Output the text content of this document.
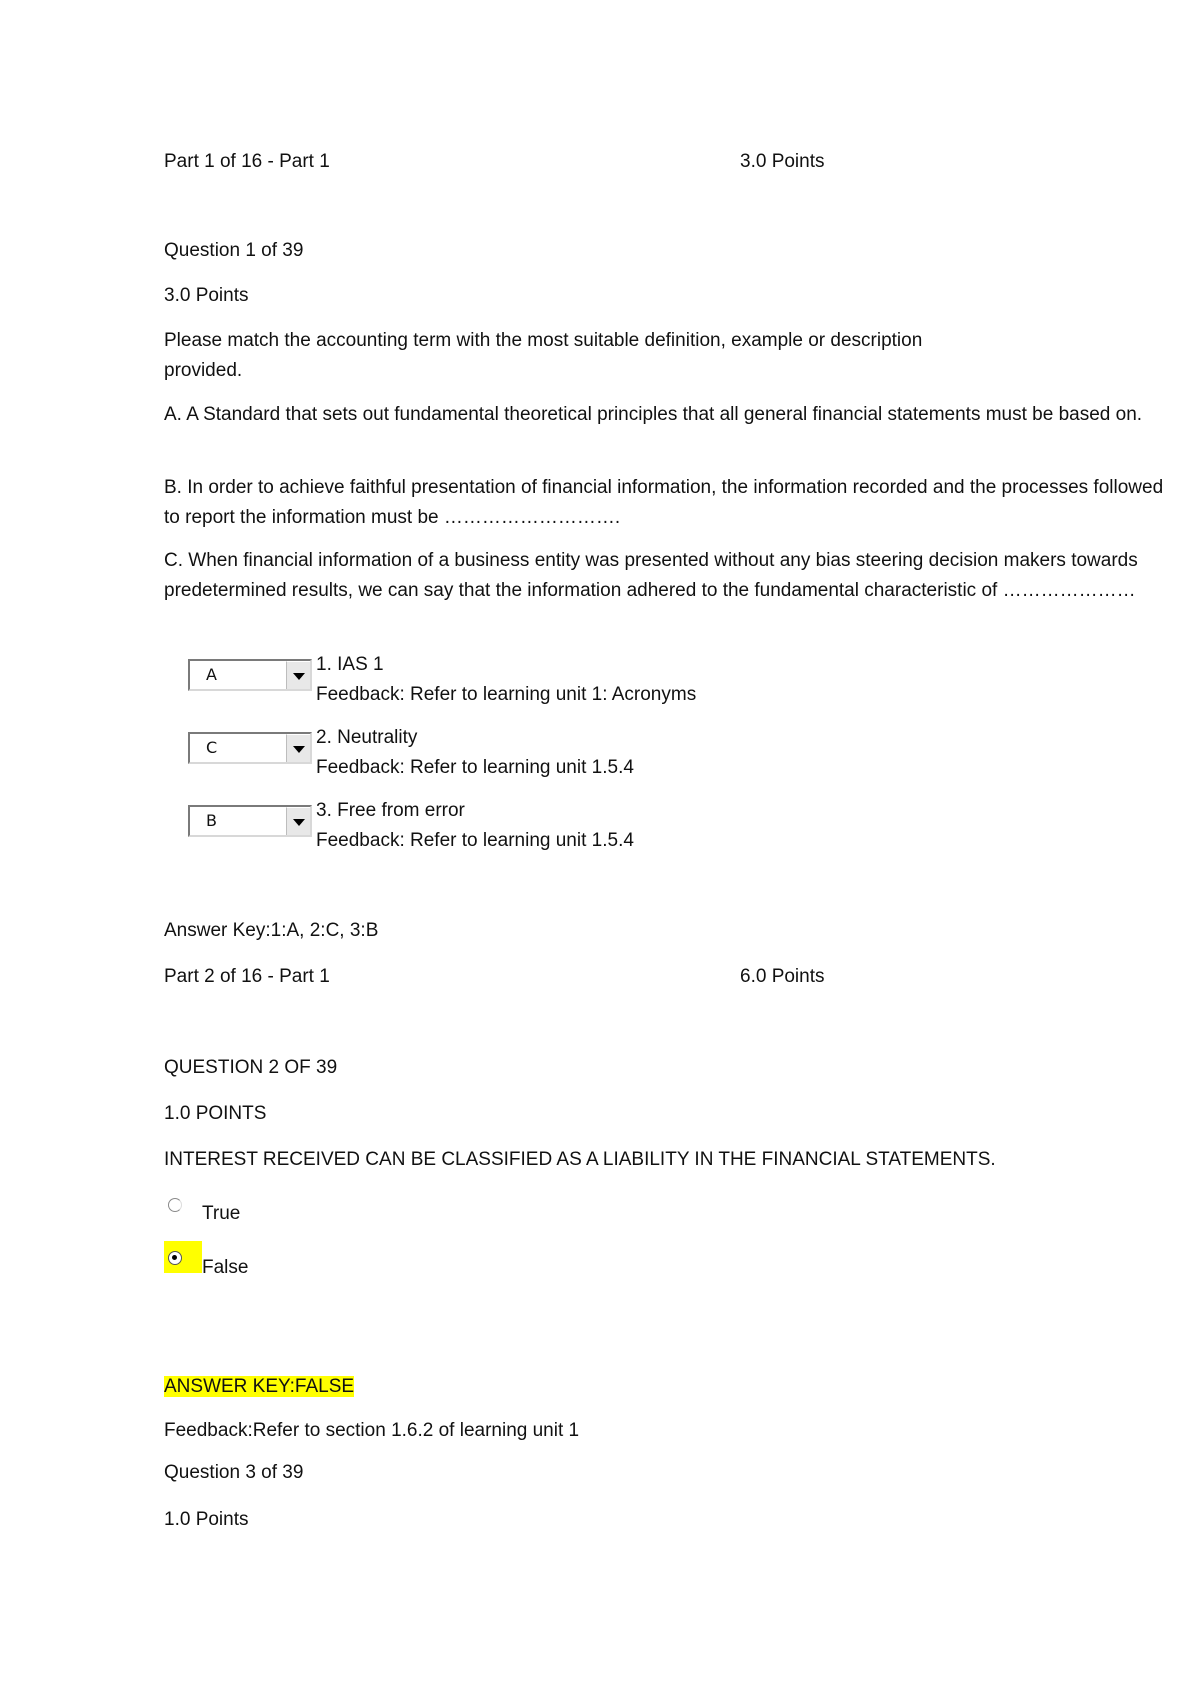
Part 1 of 16 - Part 1	3.0 Points
Question 1 of 39
3.0 Points
Please match the accounting term with the most suitable definition, example or description provided.
A. A Standard that sets out fundamental theoretical principles that all general financial statements must be based on.
B. In order to achieve faithful presentation of financial information, the information recorded and the processes followed to report the information must be ……………………….
C. When financial information of a business entity was presented without any bias steering decision makers towards predetermined results, we can say that the information adhered to the fundamental characteristic of …………………
A	1. IAS 1
Feedback: Refer to learning unit 1: Acronyms
C	2. Neutrality
Feedback: Refer to learning unit 1.5.4
B	3. Free from error
Feedback: Refer to learning unit 1.5.4
Answer Key:1:A, 2:C, 3:B
Part 2 of 16 - Part 1	6.0 Points
QUESTION 2 OF 39
1.0 POINTS
INTEREST RECEIVED CAN BE CLASSIFIED AS A LIABILITY IN THE FINANCIAL STATEMENTS.
True
False
ANSWER KEY:FALSE
Feedback:Refer to section 1.6.2 of learning unit 1
Question 3 of 39
1.0 Points
